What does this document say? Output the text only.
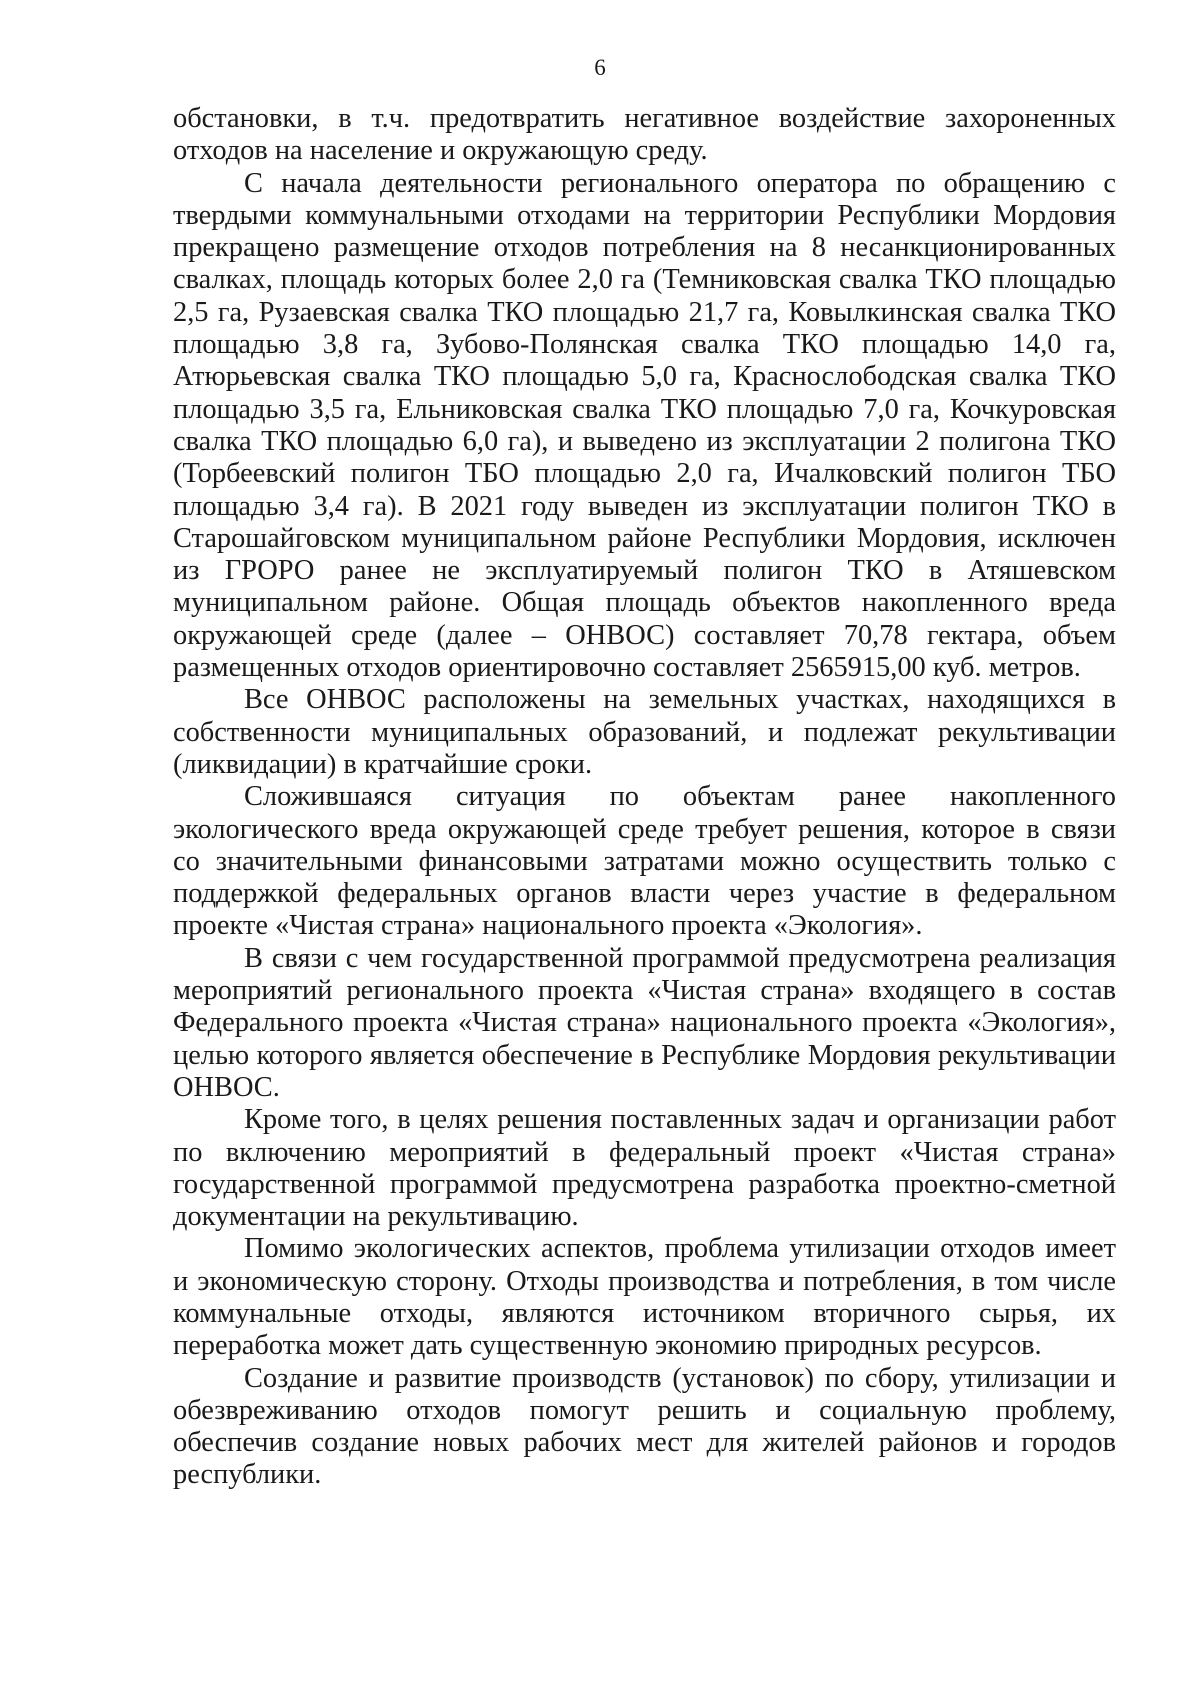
6

обстановки, в т.ч. предотвратить негативное воздействие захороненных отходов на население и окружающую среду.

С начала деятельности регионального оператора по обращению с твердыми коммунальными отходами на территории Республики Мордовия прекращено размещение отходов потребления на 8 несанкционированных свалках, площадь которых более 2,0 га (Темниковская свалка ТКО площадью 2,5 га, Рузаевская свалка ТКО площадью 21,7 га, Ковылкинская свалка ТКО площадью 3,8 га, Зубово-Полянская свалка ТКО площадью 14,0 га, Атюрьевская свалка ТКО площадью 5,0 га, Краснослободская свалка ТКО площадью 3,5 га, Ельниковская свалка ТКО площадью 7,0 га, Кочкуровская свалка ТКО площадью 6,0 га), и выведено из эксплуатации 2 полигона ТКО (Торбеевский полигон ТБО площадью 2,0 га, Ичалковский полигон ТБО площадью 3,4 га). В 2021 году выведен из эксплуатации полигон ТКО в Старошайговском муниципальном районе Республики Мордовия, исключен из ГРОРО ранее не эксплуатируемый полигон ТКО в Атяшевском муниципальном районе. Общая площадь объектов накопленного вреда окружающей среде (далее – ОНВОС) составляет 70,78 гектара, объем размещенных отходов ориентировочно составляет 2565915,00 куб. метров.

Все ОНВОС расположены на земельных участках, находящихся в собственности муниципальных образований, и подлежат рекультивации (ликвидации) в кратчайшие сроки.

Сложившаяся ситуация по объектам ранее накопленного экологического вреда окружающей среде требует решения, которое в связи со значительными финансовыми затратами можно осуществить только с поддержкой федеральных органов власти через участие в федеральном проекте «Чистая страна» национального проекта «Экология».

В связи с чем государственной программой предусмотрена реализация мероприятий регионального проекта «Чистая страна» входящего в состав Федерального проекта «Чистая страна» национального проекта «Экология», целью которого является обеспечение в Республике Мордовия рекультивации ОНВОС.

Кроме того, в целях решения поставленных задач и организации работ по включению мероприятий в федеральный проект «Чистая страна» государственной программой предусмотрена разработка проектно-сметной документации на рекультивацию.

Помимо экологических аспектов, проблема утилизации отходов имеет и экономическую сторону. Отходы производства и потребления, в том числе коммунальные отходы, являются источником вторичного сырья, их переработка может дать существенную экономию природных ресурсов.

Создание и развитие производств (установок) по сбору, утилизации и обезвреживанию отходов помогут решить и социальную проблему, обеспечив создание новых рабочих мест для жителей районов и городов республики.
